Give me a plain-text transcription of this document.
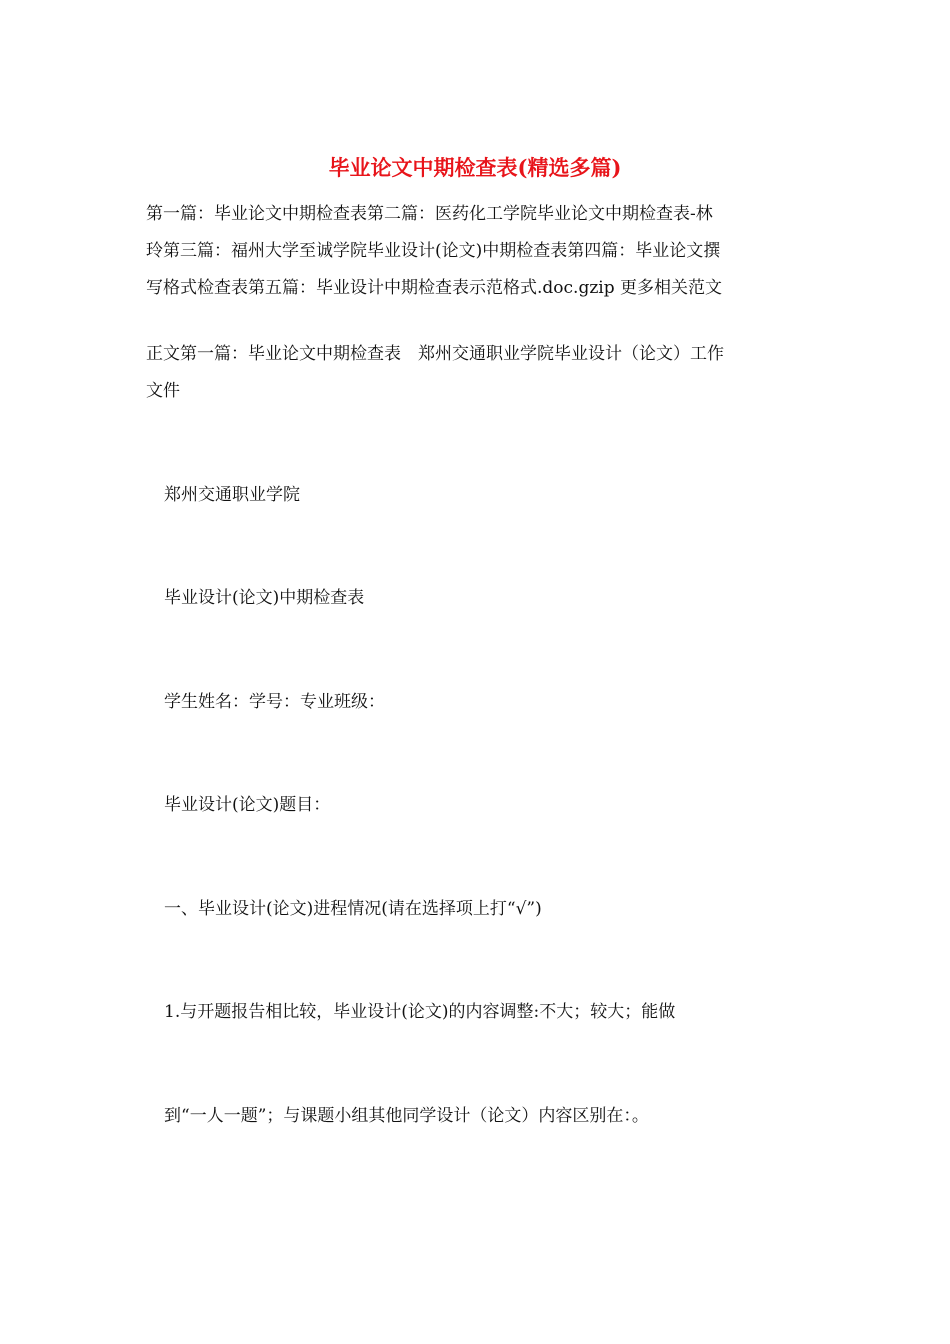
毕业论文中期检查表(精选多篇)
第一篇：毕业论文中期检查表第二篇：医药化工学院毕业论文中期检查表-林
玲第三篇：福州大学至诚学院毕业设计(论文)中期检查表第四篇：毕业论文撰
写格式检查表第五篇：毕业设计中期检查表示范格式.doc.gzip 更多相关范文
正文第一篇：毕业论文中期检查表　郑州交通职业学院毕业设计（论文）工作
文件
郑州交通职业学院
毕业设计(论文)中期检查表
学生姓名：学号：专业班级：
毕业设计(论文)题目：
一、毕业设计(论文)进程情况(请在选择项上打“√”)
1.与开题报告相比较，毕业设计(论文)的内容调整:不大；较大；能做
到“一人一题”；与课题小组其他同学设计（论文）内容区别在：。
